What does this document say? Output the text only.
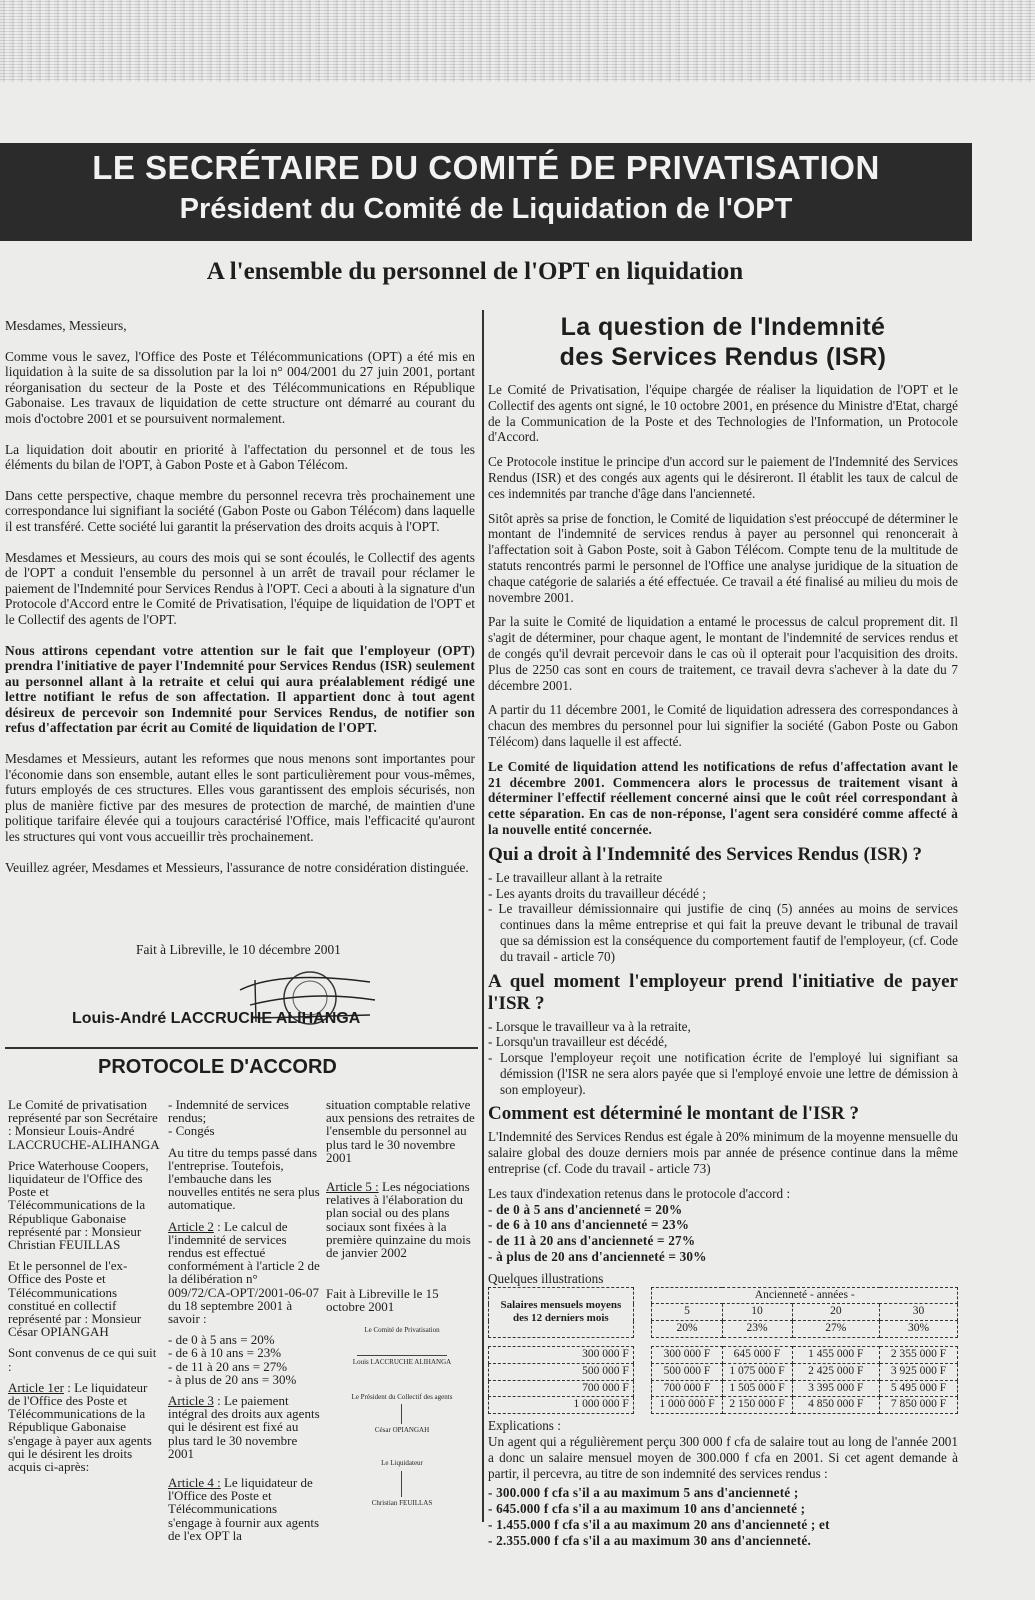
LE SECRÉTAIRE DU COMITÉ DE PRIVATISATION
Président du Comité de Liquidation de l'OPT
A l'ensemble du personnel de l'OPT en liquidation

Mesdames, Messieurs,

Comme vous le savez, l'Office des Poste et Télécommunications (OPT) a été mis en liquidation à la suite de sa dissolution par la loi n° 004/2001 du 27 juin 2001, portant réorganisation du secteur de la Poste et des Télécommunications en République Gabonaise. Les travaux de liquidation de cette structure ont démarré au courant du mois d'octobre 2001 et se poursuivent normalement.

La liquidation doit aboutir en priorité à l'affectation du personnel et de tous les éléments du bilan de l'OPT, à Gabon Poste et à Gabon Télécom.

Dans cette perspective, chaque membre du personnel recevra très prochainement une correspondance lui signifiant la société (Gabon Poste ou Gabon Télécom) dans laquelle il est transféré. Cette société lui garantit la préservation des droits acquis à l'OPT.

Mesdames et Messieurs, au cours des mois qui se sont écoulés, le Collectif des agents de l'OPT a conduit l'ensemble du personnel à un arrêt de travail pour réclamer le paiement de l'Indemnité pour Services Rendus à l'OPT. Ceci a abouti à la signature d'un Protocole d'Accord entre le Comité de Privatisation, l'équipe de liquidation de l'OPT et le Collectif des agents de l'OPT.

Nous attirons cependant votre attention sur le fait que l'employeur (OPT) prendra l'initiative de payer l'Indemnité pour Services Rendus (ISR) seulement au personnel allant à la retraite et celui qui aura préalablement rédigé une lettre notifiant le refus de son affectation. Il appartient donc à tout agent désireux de percevoir son Indemnité pour Services Rendus, de notifier son refus d'affectation par écrit au Comité de liquidation de l'OPT.

Mesdames et Messieurs, autant les reformes que nous menons sont importantes pour l'économie dans son ensemble, autant elles le sont particulièrement pour vous-mêmes, futurs employés de ces structures. Elles vous garantissent des emplois sécurisés, non plus de manière fictive par des mesures de protection de marché, de maintien d'une politique tarifaire élevée qui a toujours caractérisé l'Office, mais l'efficacité qu'auront les structures qui vont vous accueillir très prochainement.

Veuillez agréer, Mesdames et Messieurs, l'assurance de notre considération distinguée.

Fait à Libreville, le 10 décembre 2001
Louis-André LACCRUCHE ALIHANGA
PROTOCOLE D'ACCORD

Le Comité de privatisation représenté par son Secrétaire : Monsieur Louis-André LACCRUCHE-ALIHANGA

Price Waterhouse Coopers, liquidateur de l'Office des Poste et Télécommunications de la République Gabonaise représenté par : Monsieur Christian FEUILLAS

Et le personnel de l'ex-Office des Poste et Télécommunications constitué en collectif représenté par : Monsieur César OPIANGAH

Sont convenus de ce qui suit :

Article 1er : Le liquidateur de l'Office des Poste et Télécommunications de la République Gabonaise s'engage à payer aux agents qui le désirent les droits acquis ci-après:

- Indemnité de services rendus;
- Congés

Au titre du temps passé dans l'entreprise. Toutefois, l'embauche dans les nouvelles entités ne sera plus automatique.

Article 2 : Le calcul de l'indemnité de services rendus est effectué conformément à l'article 2 de la délibération n° 009/72/CA-OPT/2001-06-07 du 18 septembre 2001 à savoir :

- de 0 à 5 ans = 20%
- de 6 à 10 ans = 23%
- de 11 à 20 ans = 27%
- à plus de 20 ans = 30%

Article 3 : Le paiement intégral des droits aux agents qui le désirent est fixé au plus tard le 30 novembre 2001

Article 4 : Le liquidateur de l'Office des Poste et Télécommunications s'engage à fournir aux agents de l'ex OPT la

situation comptable relative aux pensions des retraites de l'ensemble du personnel au plus tard le 30 novembre 2001

Article 5 : Les négociations relatives à l'élaboration du plan social ou des plans sociaux sont fixées à la première quinzaine du mois de janvier 2002

Fait à Libreville le 15 octobre 2001

Le Comité de Privatisation
Louis LACCRUCHE ALIHANGA
Le Président du Collectif des agents
César OPIANGAH
Le Liquidateur
Christian FEUILLAS
La question de l'Indemnité
des Services Rendus (ISR)

Le Comité de Privatisation, l'équipe chargée de réaliser la liquidation de l'OPT et le Collectif des agents ont signé, le 10 octobre 2001, en présence du Ministre d'Etat, chargé de la Communication de la Poste et des Technologies de l'Information, un Protocole d'Accord.

Ce Protocole institue le principe d'un accord sur le paiement de l'Indemnité des Services Rendus (ISR) et des congés aux agents qui le désireront. Il établit les taux de calcul de ces indemnités par tranche d'âge dans l'ancienneté.

Sitôt après sa prise de fonction, le Comité de liquidation s'est préoccupé de déterminer le montant de l'indemnité de services rendus à payer au personnel qui renoncerait à l'affectation soit à Gabon Poste, soit à Gabon Télécom. Compte tenu de la multitude de statuts rencontrés parmi le personnel de l'Office une analyse juridique de la situation de chaque catégorie de salariés a été effectuée. Ce travail a été finalisé au milieu du mois de novembre 2001.

Par la suite le Comité de liquidation a entamé le processus de calcul proprement dit. Il s'agit de déterminer, pour chaque agent, le montant de l'indemnité de services rendus et de congés qu'il devrait percevoir dans le cas où il opterait pour l'acquisition des droits. Plus de 2250 cas sont en cours de traitement, ce travail devra s'achever à la date du 7 décembre 2001.

A partir du 11 décembre 2001, le Comité de liquidation adressera des correspondances à chacun des membres du personnel pour lui signifier la société (Gabon Poste ou Gabon Télécom) dans laquelle il est affecté.

Le Comité de liquidation attend les notifications de refus d'affectation avant le 21 décembre 2001. Commencera alors le processus de traitement visant à déterminer l'effectif réellement concerné ainsi que le coût réel correspondant à cette séparation. En cas de non-réponse, l'agent sera considéré comme affecté à la nouvelle entité concernée.

Qui a droit à l'Indemnité des Services Rendus (ISR) ?
- Le travailleur allant à la retraite
- Les ayants droits du travailleur décédé ;
- Le travailleur démissionnaire qui justifie de cinq (5) années au moins de services continues dans la même entreprise et qui fait la preuve devant le tribunal de travail que sa démission est la conséquence du comportement fautif de l'employeur, (cf. Code du travail - article 70)
A quel moment l'employeur prend l'initiative de payer l'ISR ?
- Lorsque le travailleur va à la retraite,
- Lorsqu'un travailleur est décédé,
- Lorsque l'employeur reçoit une notification écrite de l'employé lui signifiant sa démission (l'ISR ne sera alors payée que si l'employé envoie une lettre de démission à son employeur).
Comment est déterminé le montant de l'ISR ?

L'Indemnité des Services Rendus est égale à 20% minimum de la moyenne mensuelle du salaire global des douze derniers mois par année de présence continue dans la même entreprise (cf. Code du travail - article 73)

Les taux d'indexation retenus dans le protocole d'accord :
- de 0 à 5 ans d'ancienneté = 20%
- de 6 à 10 ans d'ancienneté = 23%
- de 11 à 20 ans d'ancienneté = 27%
- à plus de 20 ans d'ancienneté = 30%
Quelques illustrations
Salaires mensuels moyens des 12 derniers mois		Ancienneté - années -			
		5	10	20	30
		20%	23%	27%	30%

300 000 F		300 000 F	645 000 F	1 455 000 F	2 355 000 F
500 000 F		500 000 F	1 075 000 F	2 425 000 F	3 925 000 F
700 000 F		700 000 F	1 505 000 F	3 395 000 F	5 495 000 F
1 000 000 F		1 000 000 F	2 150 000 F	4 850 000 F	7 850 000 F
Explications :

Un agent qui a régulièrement perçu 300 000 f cfa de salaire tout au long de l'année 2001 a donc un salaire mensuel moyen de 300.000 f cfa en 2001. Si cet agent demande à partir, il percevra, au titre de son indemnité des services rendus :

- 300.000 f cfa s'il a au maximum 5 ans d'ancienneté ;
- 645.000 f cfa s'il a au maximum 10 ans d'ancienneté ;
- 1.455.000 f cfa s'il a au maximum 20 ans d'ancienneté ; et
- 2.355.000 f cfa s'il a au maximum 30 ans d'ancienneté.
